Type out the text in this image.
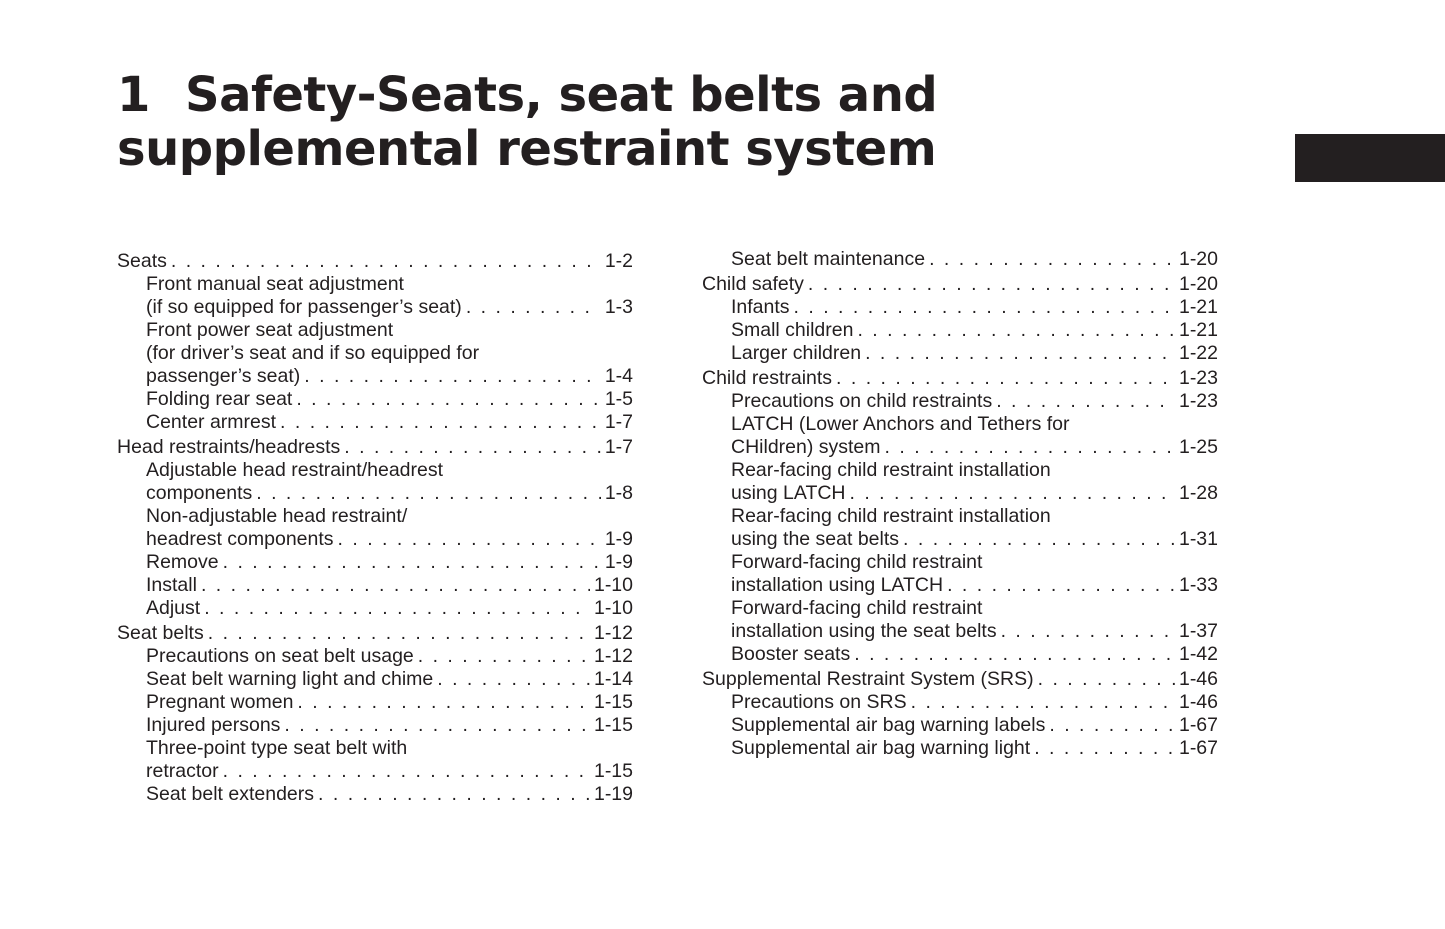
1 Safety-Seats, seat belts and
supplemental restraint system
Seats . . .	1-2
Front manual seat adjustment
(if so equipped for passenger’s seat) . . .	1-3
Front power seat adjustment
(for driver’s seat and if so equipped for
passenger’s seat) . . .	1-4
Folding rear seat . . .	1-5
Center armrest . . .	1-7
Head restraints/headrests . . .	1-7
Adjustable head restraint/headrest
components . . .	1-8
Non-adjustable head restraint/
headrest components . . .	1-9
Remove . . .	1-9
Install . . .	1-10
Adjust . . .	1-10
Seat belts . . .	1-12
Precautions on seat belt usage . . .	1-12
Seat belt warning light and chime . . .	1-14
Pregnant women . . .	1-15
Injured persons . . .	1-15
Three-point type seat belt with
retractor . . .	1-15
Seat belt extenders . . .	1-19
Seat belt maintenance . . .	1-20
Child safety . . .	1-20
Infants . . .	1-21
Small children . . .	1-21
Larger children . . .	1-22
Child restraints . . .	1-23
Precautions on child restraints . . .	1-23
LATCH (Lower Anchors and Tethers for
CHildren) system . . .	1-25
Rear-facing child restraint installation
using LATCH . . .	1-28
Rear-facing child restraint installation
using the seat belts . . .	1-31
Forward-facing child restraint
installation using LATCH . . .	1-33
Forward-facing child restraint
installation using the seat belts . . .	1-37
Booster seats . . .	1-42
Supplemental Restraint System (SRS) . . .	1-46
Precautions on SRS . . .	1-46
Supplemental air bag warning labels . . .	1-67
Supplemental air bag warning light . . .	1-67
